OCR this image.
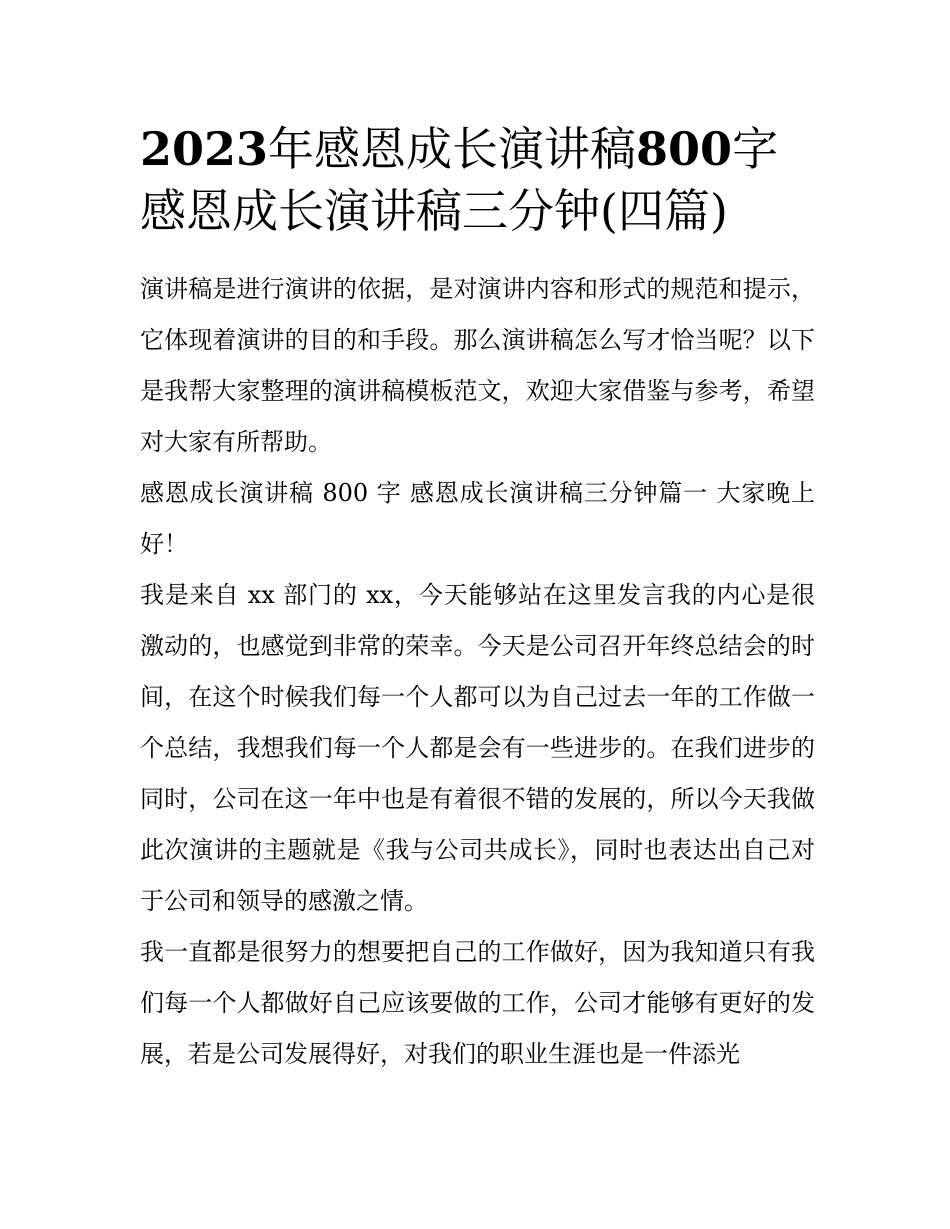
2023年感恩成长演讲稿800字
感恩成长演讲稿三分钟(四篇)

演讲稿是进行演讲的依据，是对演讲内容和形式的规范和提示，它体现着演讲的目的和手段。那么演讲稿怎么写才恰当呢？以下是我帮大家整理的演讲稿模板范文，欢迎大家借鉴与参考，希望对大家有所帮助。

感恩成长演讲稿 800 字 感恩成长演讲稿三分钟篇一 大家晚上好！

我是来自 xx 部门的 xx，今天能够站在这里发言我的内心是很激动的，也感觉到非常的荣幸。今天是公司召开年终总结会的时间，在这个时候我们每一个人都可以为自己过去一年的工作做一个总结，我想我们每一个人都是会有一些进步的。在我们进步的同时，公司在这一年中也是有着很不错的发展的，所以今天我做此次演讲的主题就是《我与公司共成长》，同时也表达出自己对于公司和领导的感激之情。

我一直都是很努力的想要把自己的工作做好，因为我知道只有我们每一个人都做好自己应该要做的工作，公司才能够有更好的发展，若是公司发展得好，对我们的职业生涯也是一件添光
